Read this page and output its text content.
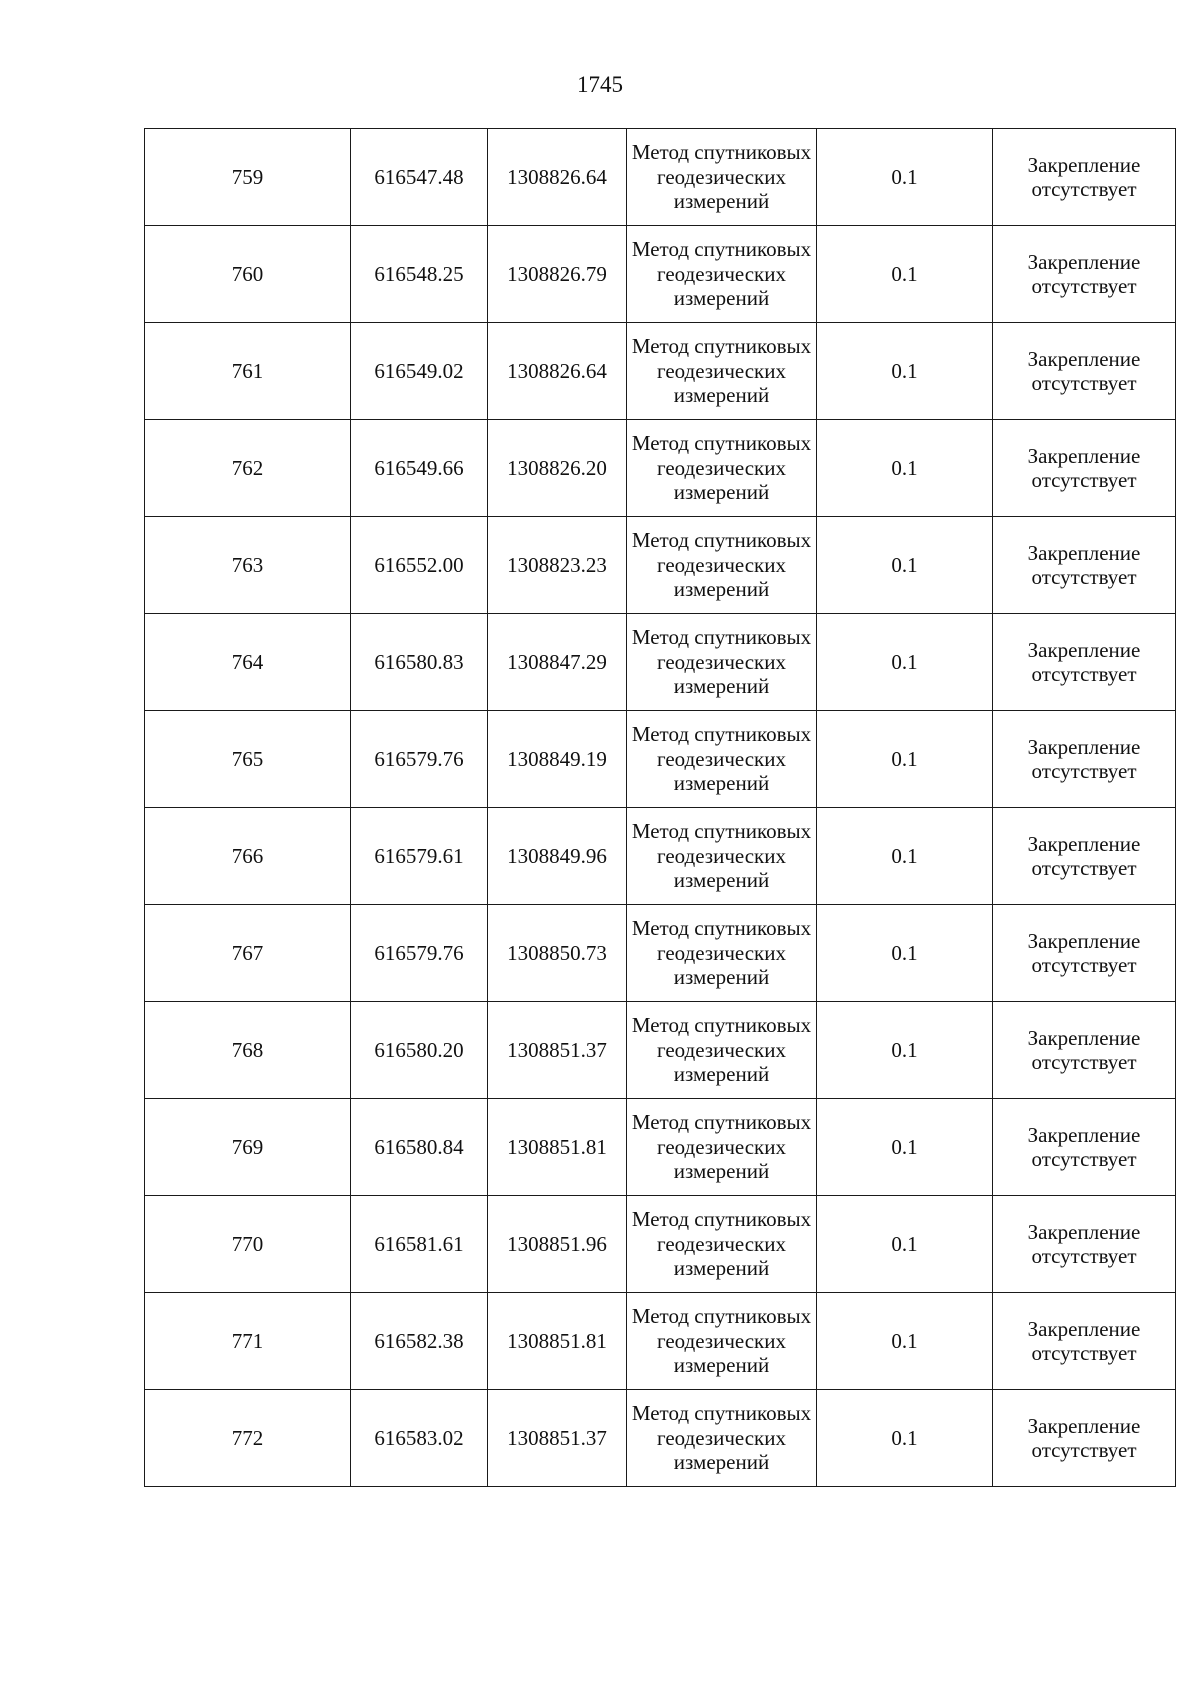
1745
759	616547.48	1308826.64	Метод спутниковых геодезических измерений	0.1	Закрепление отсутствует
760	616548.25	1308826.79	Метод спутниковых геодезических измерений	0.1	Закрепление отсутствует
761	616549.02	1308826.64	Метод спутниковых геодезических измерений	0.1	Закрепление отсутствует
762	616549.66	1308826.20	Метод спутниковых геодезических измерений	0.1	Закрепление отсутствует
763	616552.00	1308823.23	Метод спутниковых геодезических измерений	0.1	Закрепление отсутствует
764	616580.83	1308847.29	Метод спутниковых геодезических измерений	0.1	Закрепление отсутствует
765	616579.76	1308849.19	Метод спутниковых геодезических измерений	0.1	Закрепление отсутствует
766	616579.61	1308849.96	Метод спутниковых геодезических измерений	0.1	Закрепление отсутствует
767	616579.76	1308850.73	Метод спутниковых геодезических измерений	0.1	Закрепление отсутствует
768	616580.20	1308851.37	Метод спутниковых геодезических измерений	0.1	Закрепление отсутствует
769	616580.84	1308851.81	Метод спутниковых геодезических измерений	0.1	Закрепление отсутствует
770	616581.61	1308851.96	Метод спутниковых геодезических измерений	0.1	Закрепление отсутствует
771	616582.38	1308851.81	Метод спутниковых геодезических измерений	0.1	Закрепление отсутствует
772	616583.02	1308851.37	Метод спутниковых геодезических измерений	0.1	Закрепление отсутствует
